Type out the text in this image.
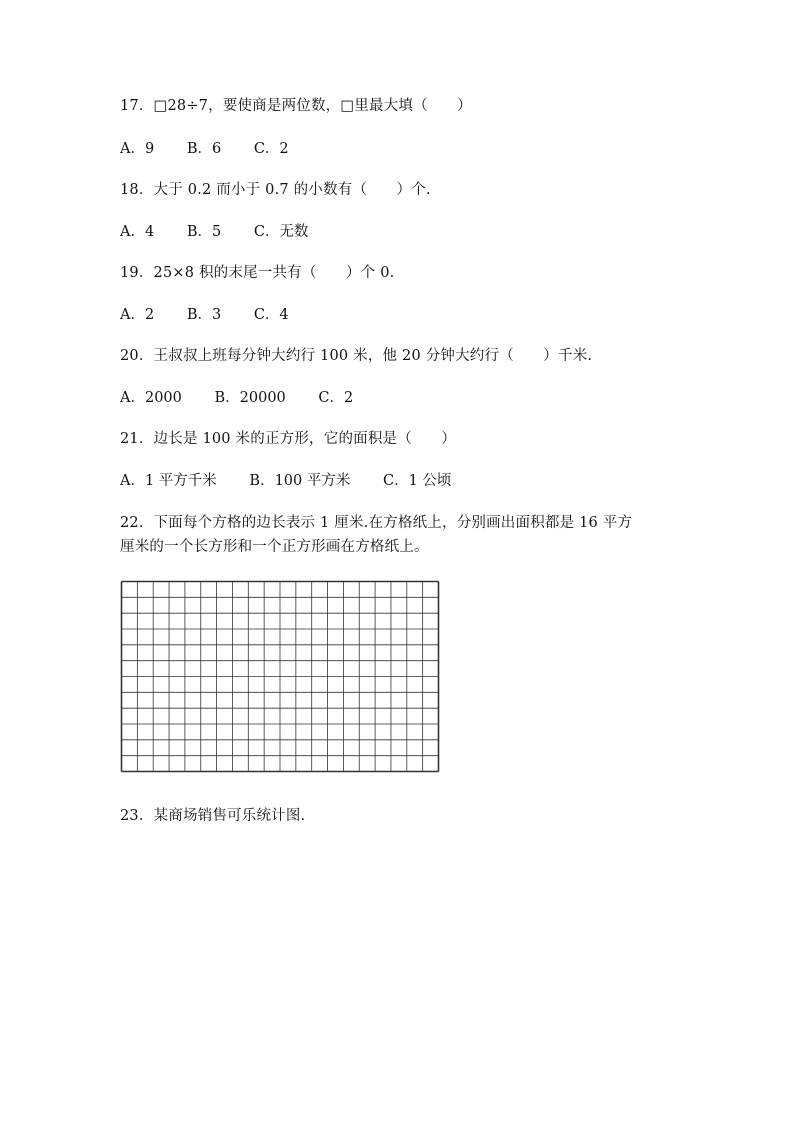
17．□28÷7，要使商是两位数，□里最大填（　　）
A．9 B．6 C．2
18．大于 0.2 而小于 0.7 的小数有（　　）个.
A．4 B．5 C．无数
19．25×8 积的末尾一共有（　　）个 0.
A．2 B．3 C．4
20．王叔叔上班每分钟大约行 100 米，他 20 分钟大约行（　　）千米.
A．2000 B．20000 C．2
21．边长是 100 米的正方形，它的面积是（　　）
A．1 平方千米 B．100 平方米 C．1 公顷
22．下面每个方格的边长表示 1 厘米.在方格纸上，分别画出面积都是 16 平方
厘米的一个长方形和一个正方形画在方格纸上。
23．某商场销售可乐统计图.
